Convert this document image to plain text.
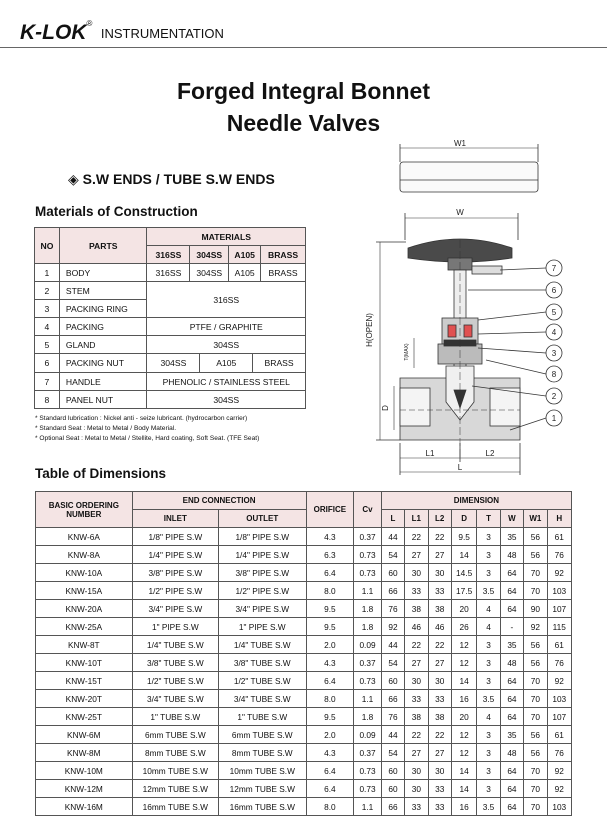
K-LOK® INSTRUMENTATION
Forged Integral Bonnet
Needle Valves
◈ S.W ENDS / TUBE S.W ENDS
Materials of Construction
NO	PARTS	MATERIALS			
		316SS	304SS	A105	BRASS
1	BODY	316SS	304SS	A105	BRASS
2	STEM	316SS			
3	PACKING RING				
4	PACKING	PTFE / GRAPHITE			
5	GLAND	304SS			
6	PACKING NUT	304SS A105 BRASS			

7	HANDLE	PHENOLIC / STAINLESS STEEL			
8	PANEL NUT	304SS			
* Standard lubrication : Nickel anti - seize lubricant. (hydrocarbon carrier)
* Standard Seat : Metal to Metal / Body Material.
* Optional Seat : Metal to Metal / Stellite, Hard coating, Soft Seat. (TFE Seat)
W1
W
H(OPEN)
T(MAX)
D
L1	L2
L
7
6
5
4
3
8
2
1
Table of Dimensions
BASIC ORDERING
NUMBER	END CONNECTION		ORIFICE	Cv	DIMENSION							
	INLET	OUTLET			L	L1	L2	D	T	W	W1	H
KNW-6A	1/8" PIPE S.W	1/8" PIPE S.W	4.3	0.37	44	22	22	9.5	3	35	56	61
KNW-8A	1/4" PIPE S.W	1/4" PIPE S.W	6.3	0.73	54	27	27	14	3	48	56	76
KNW-10A	3/8" PIPE S.W	3/8" PIPE S.W	6.4	0.73	60	30	30	14.5	3	64	70	92
KNW-15A	1/2" PIPE S.W	1/2" PIPE S.W	8.0	1.1	66	33	33	17.5	3.5	64	70	103
KNW-20A	3/4" PIPE S.W	3/4" PIPE S.W	9.5	1.8	76	38	38	20	4	64	90	107
KNW-25A	1" PIPE S.W	1" PIPE S.W	9.5	1.8	92	46	46	26	4	-	92	115
KNW-8T	1/4" TUBE S.W	1/4" TUBE S.W	2.0	0.09	44	22	22	12	3	35	56	61
KNW-10T	3/8" TUBE S.W	3/8" TUBE S.W	4.3	0.37	54	27	27	12	3	48	56	76
KNW-15T	1/2" TUBE S.W	1/2" TUBE S.W	6.4	0.73	60	30	30	14	3	64	70	92
KNW-20T	3/4" TUBE S.W	3/4" TUBE S.W	8.0	1.1	66	33	33	16	3.5	64	70	103
KNW-25T	1" TUBE S.W	1" TUBE S.W	9.5	1.8	76	38	38	20	4	64	70	107
KNW-6M	6mm TUBE S.W	6mm TUBE S.W	2.0	0.09	44	22	22	12	3	35	56	61
KNW-8M	8mm TUBE S.W	8mm TUBE S.W	4.3	0.37	54	27	27	12	3	48	56	76
KNW-10M	10mm TUBE S.W	10mm TUBE S.W	6.4	0.73	60	30	30	14	3	64	70	92
KNW-12M	12mm TUBE S.W	12mm TUBE S.W	6.4	0.73	60	30	33	14	3	64	70	92
KNW-16M	16mm TUBE S.W	16mm TUBE S.W	8.0	1.1	66	33	33	16	3.5	64	70	103
